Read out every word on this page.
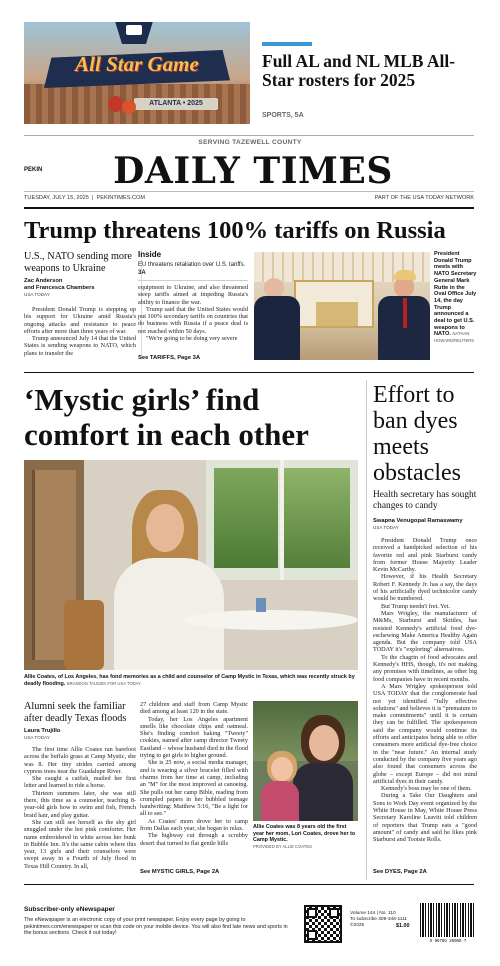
All Star Game
ATLANTA • 2025
Full AL and NL MLB All-Star rosters for 2025
SPORTS, 5A
SERVING TAZEWELL COUNTY
PEKIN	DAILY TIMES
TUESDAY, JULY 15, 2025  |  PEKINTIMES.COM	PART OF THE USA TODAY NETWORK
Trump threatens 100% tariffs on Russia
U.S., NATO sending more weapons to Ukraine
Zac Anderson
and Francesca Chambers
USA TODAY

President Donald Trump is stepping up his support for Ukraine amid Russia's ongoing attacks and resistance to peace efforts after more than three years of war.

Trump announced July 14 that the United States is sending weapons to NATO, which plans to transfer the

Inside
EU threatens retaliation over U.S. tariffs. 3A
equipment to Ukraine, and also threatened steep tariffs aimed at impeding Russia's ability to finance the war.

Trump said that the United States would put 100% secondary tariffs on countries that do business with Russia if a peace deal is not reached within 50 days.

"We're going to be doing very severe

See TARIFFS, Page 3A
President Donald Trump meets with NATO Secretary General Mark Rutte in the Oval Office July 14, the day Trump announced a deal to get U.S. weapons to NATO. NATHAN HOWARD/REUTERS
‘Mystic girls’ find comfort in each other
Allie Coates, of Los Angeles, has fond memories as a child and counselor of Camp Mystic in Texas, which was recently struck by deadly flooding. BRANDON TAUSZIK FOR USA TODAY
Alumni seek the familiar after deadly Texas floods
Laura Trujillo
USA TODAY

The first time Allie Coates ran barefoot across the buffalo grass at Camp Mystic, she was 8. Her tiny strides carried among cypress trees near the Guadalupe River.

She caught a catfish, mailed her first letter and learned to ride a horse.

Thirteen summers later, she was still there, this time as a counselor, teaching 8-year-old girls how to swim and fish, French braid hair, and play guitar.

She can still see herself as the shy girl snuggled under the hot pink comforter. Her name embroidered in white across her bunk in Bubble Inn. It's the same cabin where this year, 13 girls and their counselors were swept away in a Fourth of July flood in Texas Hill Country. In all,

27 children and staff from Camp Mystic died among at least 120 in the state.

Today, her Los Angeles apartment smells like chocolate chips and oatmeal. She's finding comfort baking "Tweety" cookies, named after camp director Tweety Eastland – whose husband died in the flood trying to get girls to higher ground.

She is 25 now, a social media manager, and is wearing a silver bracelet filled with charms from her time at camp, including an "M" for the most improved at canoeing. She pulls out her camp Bible, reading from crumpled papers in her bubbled teenage handwriting: Matthew 5:16, "Be a light for all to see."

As Coates' mom drove her to camp from Dallas each year, she began to relax.

The highway cut through a scrubby desert that turned to flat gentle hills

See MYSTIC GIRLS, Page 2A
Allie Coates was 8 years old the first year her mom, Lori Coates, drove her to Camp Mystic.
PROVIDED BY ALLIE COATES
Effort to ban dyes meets obstacles
Health secretary has sought changes to candy
Swapna Venugopal Ramaswamy
USA TODAY

President Donald Trump once received a handpicked selection of his favorite red and pink Starburst candy from former House Majority Leader Kevin McCarthy.

However, if his Health Secretary Robert F. Kennedy Jr. has a say, the days of his artificially dyed technicolor candy would be numbered.

But Trump needn't fret. Yet.

Mars Wrigley, the manufacturer of M&Ms, Starburst and Skittles, has resisted Kennedy's artificial food dye-eschewing Make America Healthy Again agenda. But the company told USA TODAY it's "exploring" alternatives.

To the chagrin of food advocates and Kennedy's HHS, though, it's not making any promises with timelines, as other big food companies have in recent months.

A Mars Wrigley spokesperson told USA TODAY that the conglomerate had not yet identified "fully effective solutions" and believes it is "premature to make commitments" until it is certain they can be fulfilled. The spokesperson said the company would continue its efforts and anticipates being able to offer consumers more artificial dye-free choice in the "near future." An internal study conducted by the company five years ago also found that consumers across the globe – except Europe – did not mind artificial dyes in their candy.

Kennedy's boss may be one of them.

During a Take Our Daughters and Sons to Work Day event organized by the White House in May, White House Press Secretary Karoline Leavitt told children of reporters that Trump eats a "good amount" of candy and said he likes pink Starburst and Tootsie Rolls.

See DYES, Page 2A
Subscriber-only eNewspaper
The eNewspaper is an electronic copy of your print newspaper. Enjoy every page by going to pekintimes.com/enewspaper or scan this code on your mobile device. You will also find late news and sports in the bonus sections. Check it out today!
Volume 144 | No. 110
To subscribe 309-346-1111
©2025	$1.00
0  96780  25988  7
